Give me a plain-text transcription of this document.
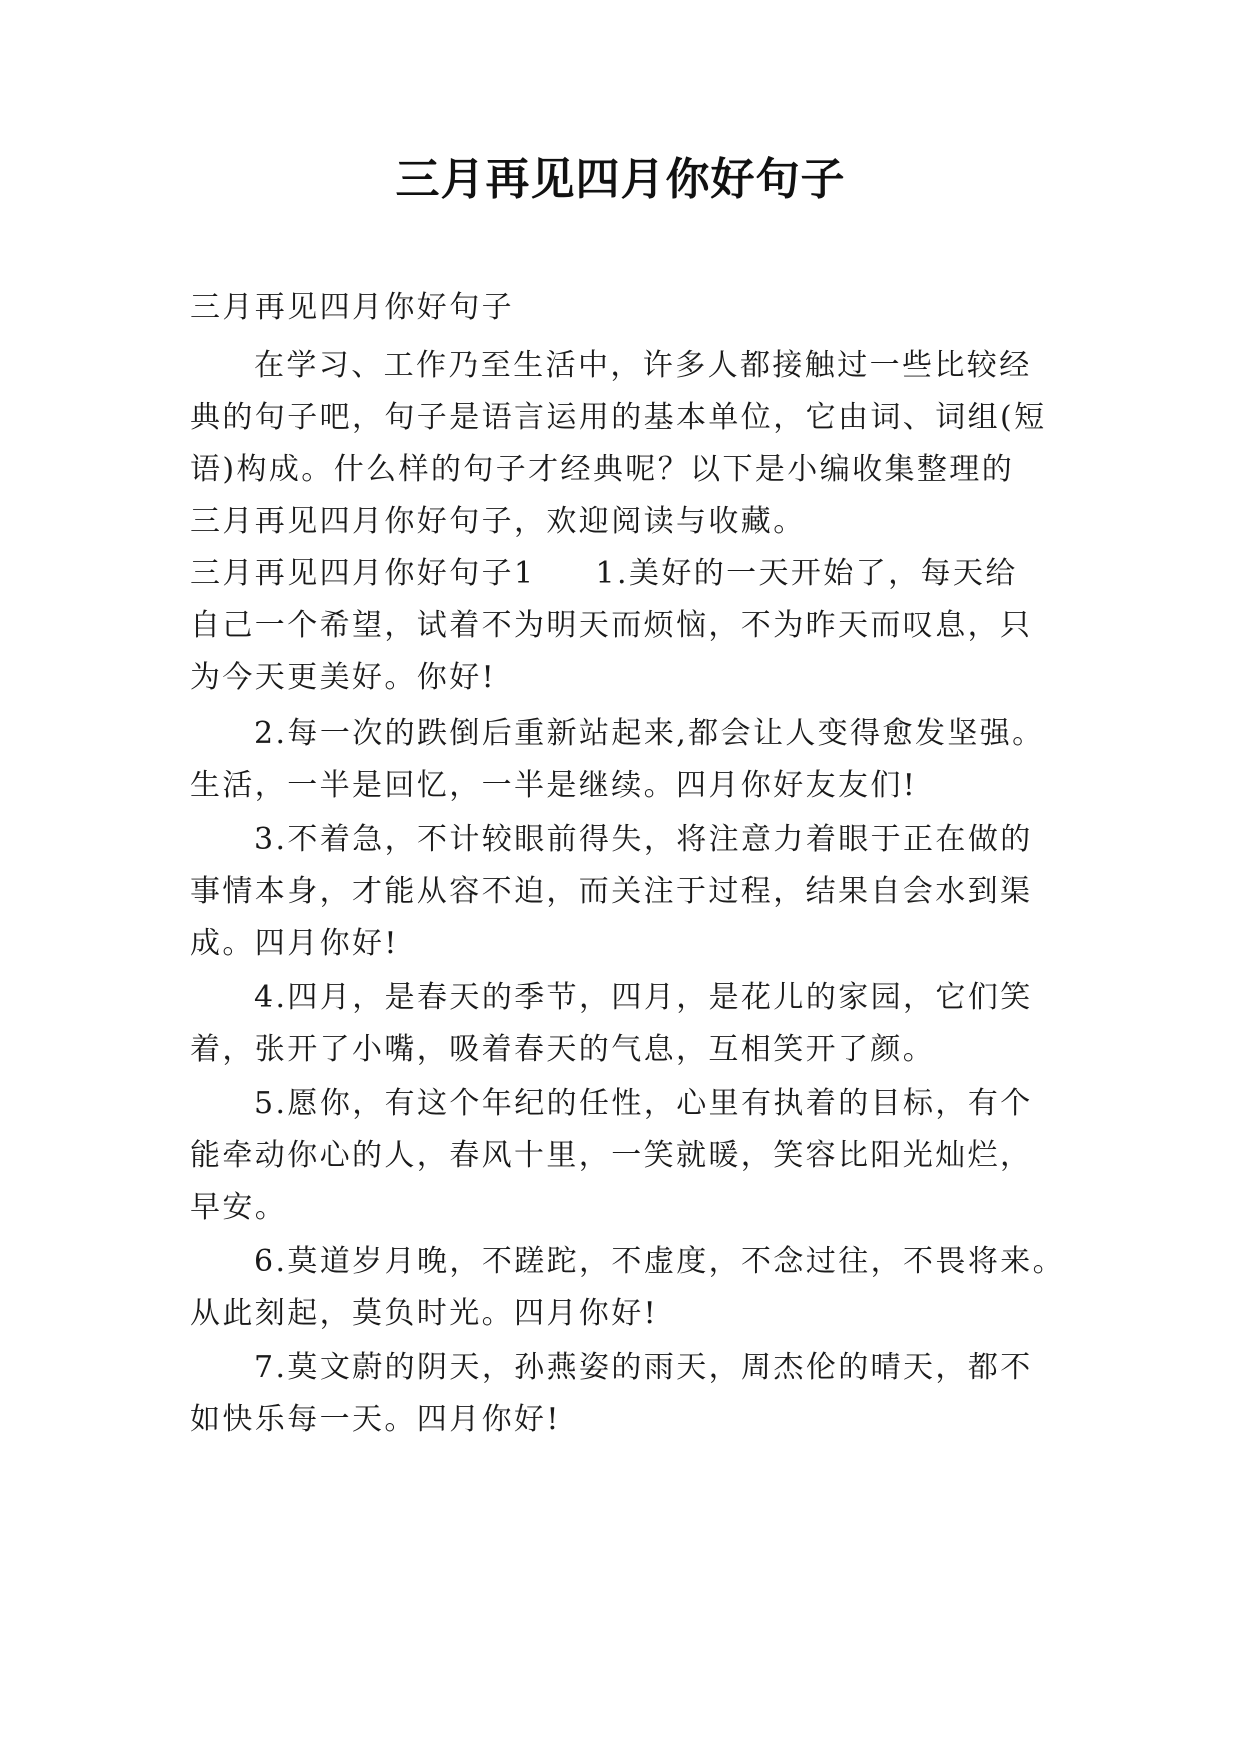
三月再见四月你好句子
三月再见四月你好句子
在学习、工作乃至生活中，许多人都接触过一些比较经
典的句子吧，句子是语言运用的基本单位，它由词、词组(短
语)构成。什么样的句子才经典呢？以下是小编收集整理的
三月再见四月你好句子，欢迎阅读与收藏。
三月再见四月你好句子1 1.美好的一天开始了，每天给
自己一个希望，试着不为明天而烦恼，不为昨天而叹息，只
为今天更美好。你好!
2.每一次的跌倒后重新站起来,都会让人变得愈发坚强。
生活，一半是回忆，一半是继续。四月你好友友们!
3.不着急，不计较眼前得失，将注意力着眼于正在做的
事情本身，才能从容不迫，而关注于过程，结果自会水到渠
成。四月你好!
4.四月，是春天的季节，四月，是花儿的家园，它们笑
着，张开了小嘴，吸着春天的气息，互相笑开了颜。
5.愿你，有这个年纪的任性，心里有执着的目标，有个
能牵动你心的人，春风十里，一笑就暖，笑容比阳光灿烂，
早安。
6.莫道岁月晚，不蹉跎，不虚度，不念过往，不畏将来。
从此刻起，莫负时光。四月你好!
7.莫文蔚的阴天，孙燕姿的雨天，周杰伦的晴天，都不
如快乐每一天。四月你好!
